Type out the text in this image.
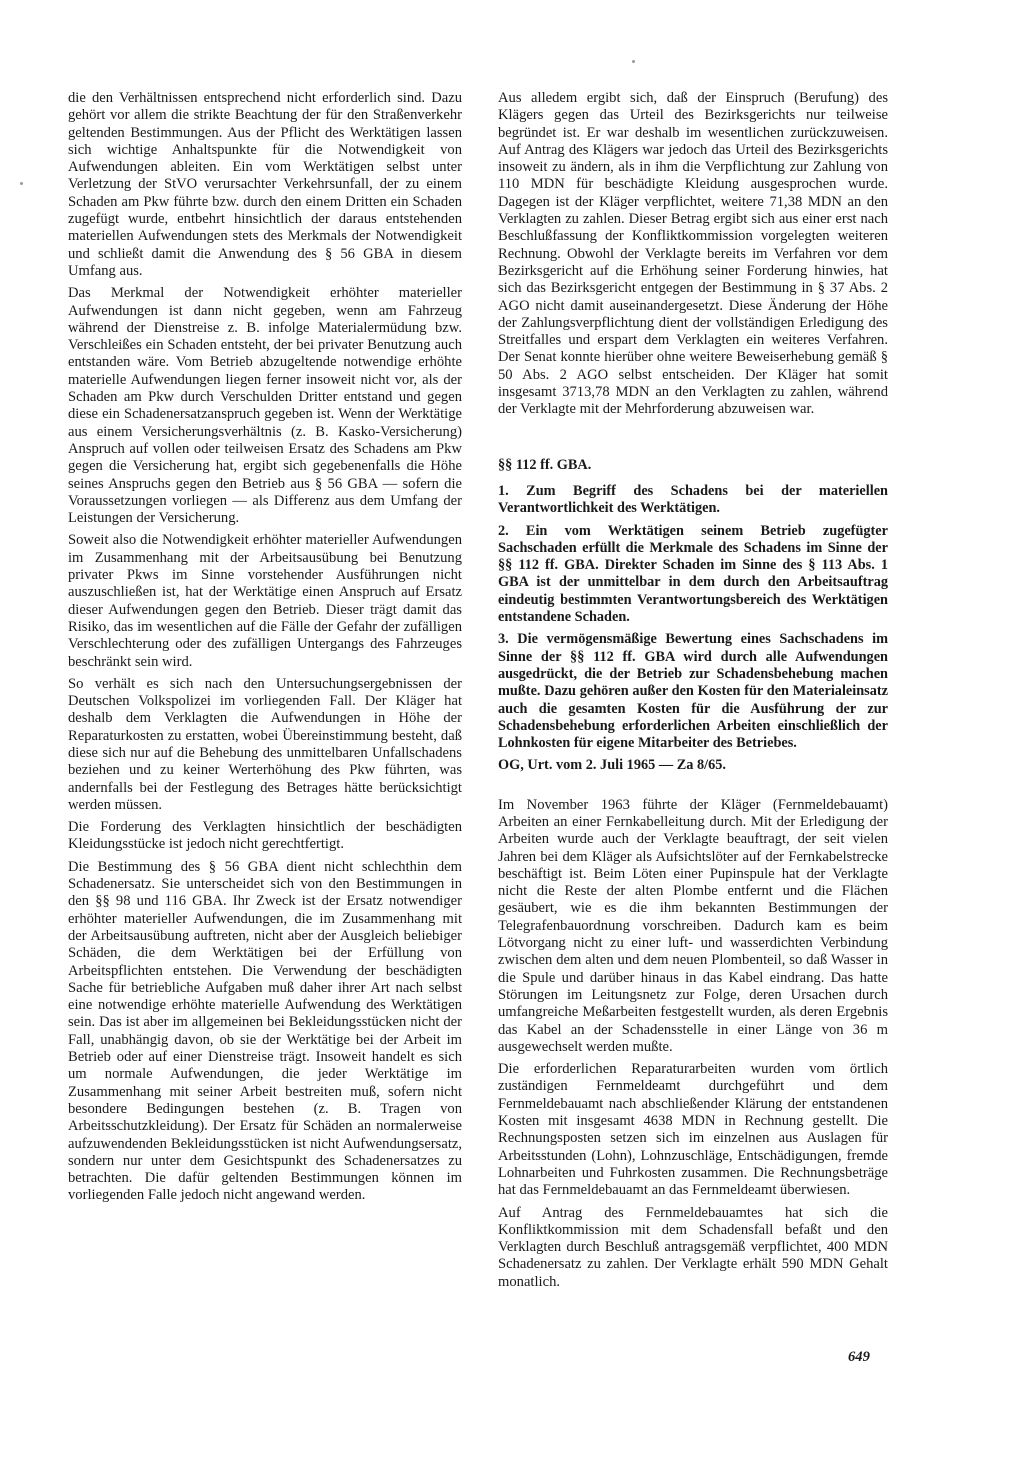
die den Verhältnissen entsprechend nicht erforderlich sind. Dazu gehört vor allem die strikte Beachtung der für den Straßenverkehr geltenden Bestimmungen. Aus der Pflicht des Werktätigen lassen sich wichtige Anhaltspunkte für die Notwendigkeit von Aufwendungen ableiten. Ein vom Werktätigen selbst unter Verletzung der StVO verursachter Verkehrsunfall, der zu einem Schaden am Pkw führte bzw. durch den einem Dritten ein Schaden zugefügt wurde, entbehrt hinsichtlich der daraus entstehenden materiellen Aufwendungen stets des Merkmals der Notwendigkeit und schließt damit die Anwendung des § 56 GBA in diesem Umfang aus.

Das Merkmal der Notwendigkeit erhöhter materieller Aufwendungen ist dann nicht gegeben, wenn am Fahrzeug während der Dienstreise z. B. infolge Materialermüdung bzw. Verschleißes ein Schaden entsteht, der bei privater Benutzung auch entstanden wäre. Vom Betrieb abzugeltende notwendige erhöhte materielle Aufwendungen liegen ferner insoweit nicht vor, als der Schaden am Pkw durch Verschulden Dritter entstand und gegen diese ein Schadenersatzanspruch gegeben ist. Wenn der Werktätige aus einem Versicherungsverhältnis (z. B. Kasko-Versicherung) Anspruch auf vollen oder teilweisen Ersatz des Schadens am Pkw gegen die Versicherung hat, ergibt sich gegebenenfalls die Höhe seines Anspruchs gegen den Betrieb aus § 56 GBA — sofern die Voraussetzungen vorliegen — als Differenz aus dem Umfang der Leistungen der Versicherung.

Soweit also die Notwendigkeit erhöhter materieller Aufwendungen im Zusammenhang mit der Arbeitsausübung bei Benutzung privater Pkws im Sinne vorstehender Ausführungen nicht auszuschließen ist, hat der Werktätige einen Anspruch auf Ersatz dieser Aufwendungen gegen den Betrieb. Dieser trägt damit das Risiko, das im wesentlichen auf die Fälle der Gefahr der zufälligen Verschlechterung oder des zufälligen Untergangs des Fahrzeuges beschränkt sein wird.

So verhält es sich nach den Untersuchungsergebnissen der Deutschen Volkspolizei im vorliegenden Fall. Der Kläger hat deshalb dem Verklagten die Aufwendungen in Höhe der Reparaturkosten zu erstatten, wobei Übereinstimmung besteht, daß diese sich nur auf die Behebung des unmittelbaren Unfallschadens beziehen und zu keiner Werterhöhung des Pkw führten, was andernfalls bei der Festlegung des Betrages hätte berücksichtigt werden müssen.

Die Forderung des Verklagten hinsichtlich der beschädigten Kleidungsstücke ist jedoch nicht gerechtfertigt.

Die Bestimmung des § 56 GBA dient nicht schlechthin dem Schadenersatz. Sie unterscheidet sich von den Bestimmungen in den §§ 98 und 116 GBA. Ihr Zweck ist der Ersatz notwendiger erhöhter materieller Aufwendungen, die im Zusammenhang mit der Arbeitsausübung auftreten, nicht aber der Ausgleich beliebiger Schäden, die dem Werktätigen bei der Erfüllung von Arbeitspflichten entstehen. Die Verwendung der beschädigten Sache für betriebliche Aufgaben muß daher ihrer Art nach selbst eine notwendige erhöhte materielle Aufwendung des Werktätigen sein. Das ist aber im allgemeinen bei Bekleidungsstücken nicht der Fall, unabhängig davon, ob sie der Werktätige bei der Arbeit im Betrieb oder auf einer Dienstreise trägt. Insoweit handelt es sich um normale Aufwendungen, die jeder Werktätige im Zusammenhang mit seiner Arbeit bestreiten muß, sofern nicht besondere Bedingungen bestehen (z. B. Tragen von Arbeitsschutzkleidung). Der Ersatz für Schäden an normalerweise aufzuwendenden Bekleidungsstücken ist nicht Aufwendungsersatz, sondern nur unter dem Gesichtspunkt des Schadenersatzes zu betrachten. Die dafür geltenden Bestimmungen können im vorliegenden Falle jedoch nicht angewand werden.

Aus alledem ergibt sich, daß der Einspruch (Berufung) des Klägers gegen das Urteil des Bezirksgerichts nur teilweise begründet ist. Er war deshalb im wesentlichen zurückzuweisen. Auf Antrag des Klägers war jedoch das Urteil des Bezirksgerichts insoweit zu ändern, als in ihm die Verpflichtung zur Zahlung von 110 MDN für beschädigte Kleidung ausgesprochen wurde. Dagegen ist der Kläger verpflichtet, weitere 71,38 MDN an den Verklagten zu zahlen. Dieser Betrag ergibt sich aus einer erst nach Beschlußfassung der Konfliktkommission vorgelegten weiteren Rechnung. Obwohl der Verklagte bereits im Verfahren vor dem Bezirksgericht auf die Erhöhung seiner Forderung hinwies, hat sich das Bezirksgericht entgegen der Bestimmung in § 37 Abs. 2 AGO nicht damit auseinandergesetzt. Diese Änderung der Höhe der Zahlungsverpflichtung dient der vollständigen Erledigung des Streitfalles und erspart dem Verklagten ein weiteres Verfahren. Der Senat konnte hierüber ohne weitere Beweiserhebung gemäß § 50 Abs. 2 AGO selbst entscheiden. Der Kläger hat somit insgesamt 3713,78 MDN an den Verklagten zu zahlen, während der Verklagte mit der Mehrforderung abzuweisen war.

§§ 112 ff. GBA.

1. Zum Begriff des Schadens bei der materiellen Verantwortlichkeit des Werktätigen.

2. Ein vom Werktätigen seinem Betrieb zugefügter Sachschaden erfüllt die Merkmale des Schadens im Sinne der §§ 112 ff. GBA. Direkter Schaden im Sinne des § 113 Abs. 1 GBA ist der unmittelbar in dem durch den Arbeitsauftrag eindeutig bestimmten Verantwortungsbereich des Werktätigen entstandene Schaden.

3. Die vermögensmäßige Bewertung eines Sachschadens im Sinne der §§ 112 ff. GBA wird durch alle Aufwendungen ausgedrückt, die der Betrieb zur Schadensbehebung machen mußte. Dazu gehören außer den Kosten für den Materialeinsatz auch die gesamten Kosten für die Ausführung der zur Schadensbehebung erforderlichen Arbeiten einschließlich der Lohnkosten für eigene Mitarbeiter des Betriebes.

OG, Urt. vom 2. Juli 1965 — Za 8/65.

Im November 1963 führte der Kläger (Fernmeldebauamt) Arbeiten an einer Fernkabelleitung durch. Mit der Erledigung der Arbeiten wurde auch der Verklagte beauftragt, der seit vielen Jahren bei dem Kläger als Aufsichtslöter auf der Fernkabelstrecke beschäftigt ist. Beim Löten einer Pupinspule hat der Verklagte nicht die Reste der alten Plombe entfernt und die Flächen gesäubert, wie es die ihm bekannten Bestimmungen der Telegrafenbauordnung vorschreiben. Dadurch kam es beim Lötvorgang nicht zu einer luft- und wasserdichten Verbindung zwischen dem alten und dem neuen Plombenteil, so daß Wasser in die Spule und darüber hinaus in das Kabel eindrang. Das hatte Störungen im Leitungsnetz zur Folge, deren Ursachen durch umfangreiche Meßarbeiten festgestellt wurden, als deren Ergebnis das Kabel an der Schadensstelle in einer Länge von 36 m ausgewechselt werden mußte.

Die erforderlichen Reparaturarbeiten wurden vom örtlich zuständigen Fernmeldeamt durchgeführt und dem Fernmeldebauamt nach abschließender Klärung der entstandenen Kosten mit insgesamt 4638 MDN in Rechnung gestellt. Die Rechnungsposten setzen sich im einzelnen aus Auslagen für Arbeitsstunden (Lohn), Lohnzuschläge, Entschädigungen, fremde Lohnarbeiten und Fuhrkosten zusammen. Die Rechnungsbeträge hat das Fernmeldebauamt an das Fernmeldeamt überwiesen.

Auf Antrag des Fernmeldebauamtes hat sich die Konfliktkommission mit dem Schadensfall befaßt und den Verklagten durch Beschluß antragsgemäß verpflichtet, 400 MDN Schadenersatz zu zahlen. Der Verklagte erhält 590 MDN Gehalt monatlich.

649
